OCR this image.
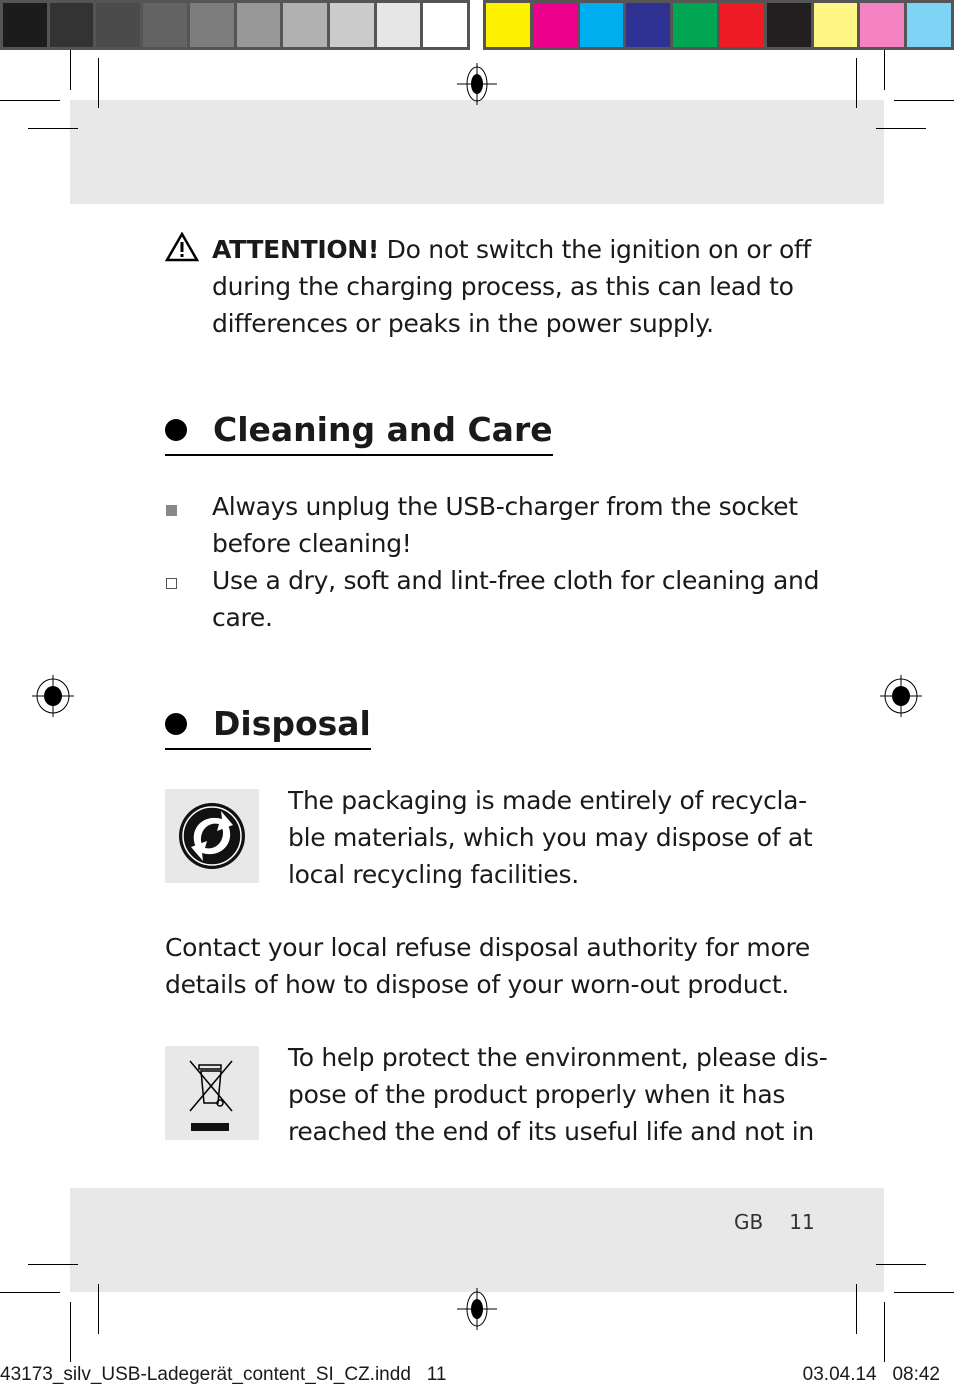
ATTENTION! Do not switch the ignition on or off
during the charging process, as this can lead to
differences or peaks in the power supply.
Cleaning and Care
Always unplug the USB-charger from the socket
before cleaning!
Use a dry, soft and lint-free cloth for cleaning and
care.
Disposal
The packaging is made entirely of recycla-
ble materials, which you may dispose of at
local recycling facilities.
Contact your local refuse disposal authority for more
details of how to dispose of your worn-out product.
To help protect the environment, please dis-
pose of the product properly when it has
reached the end of its useful life and not in
GB 11
43173_silv_USB-Ladegerät_content_SI_CZ.indd   11	03.04.14   08:42
